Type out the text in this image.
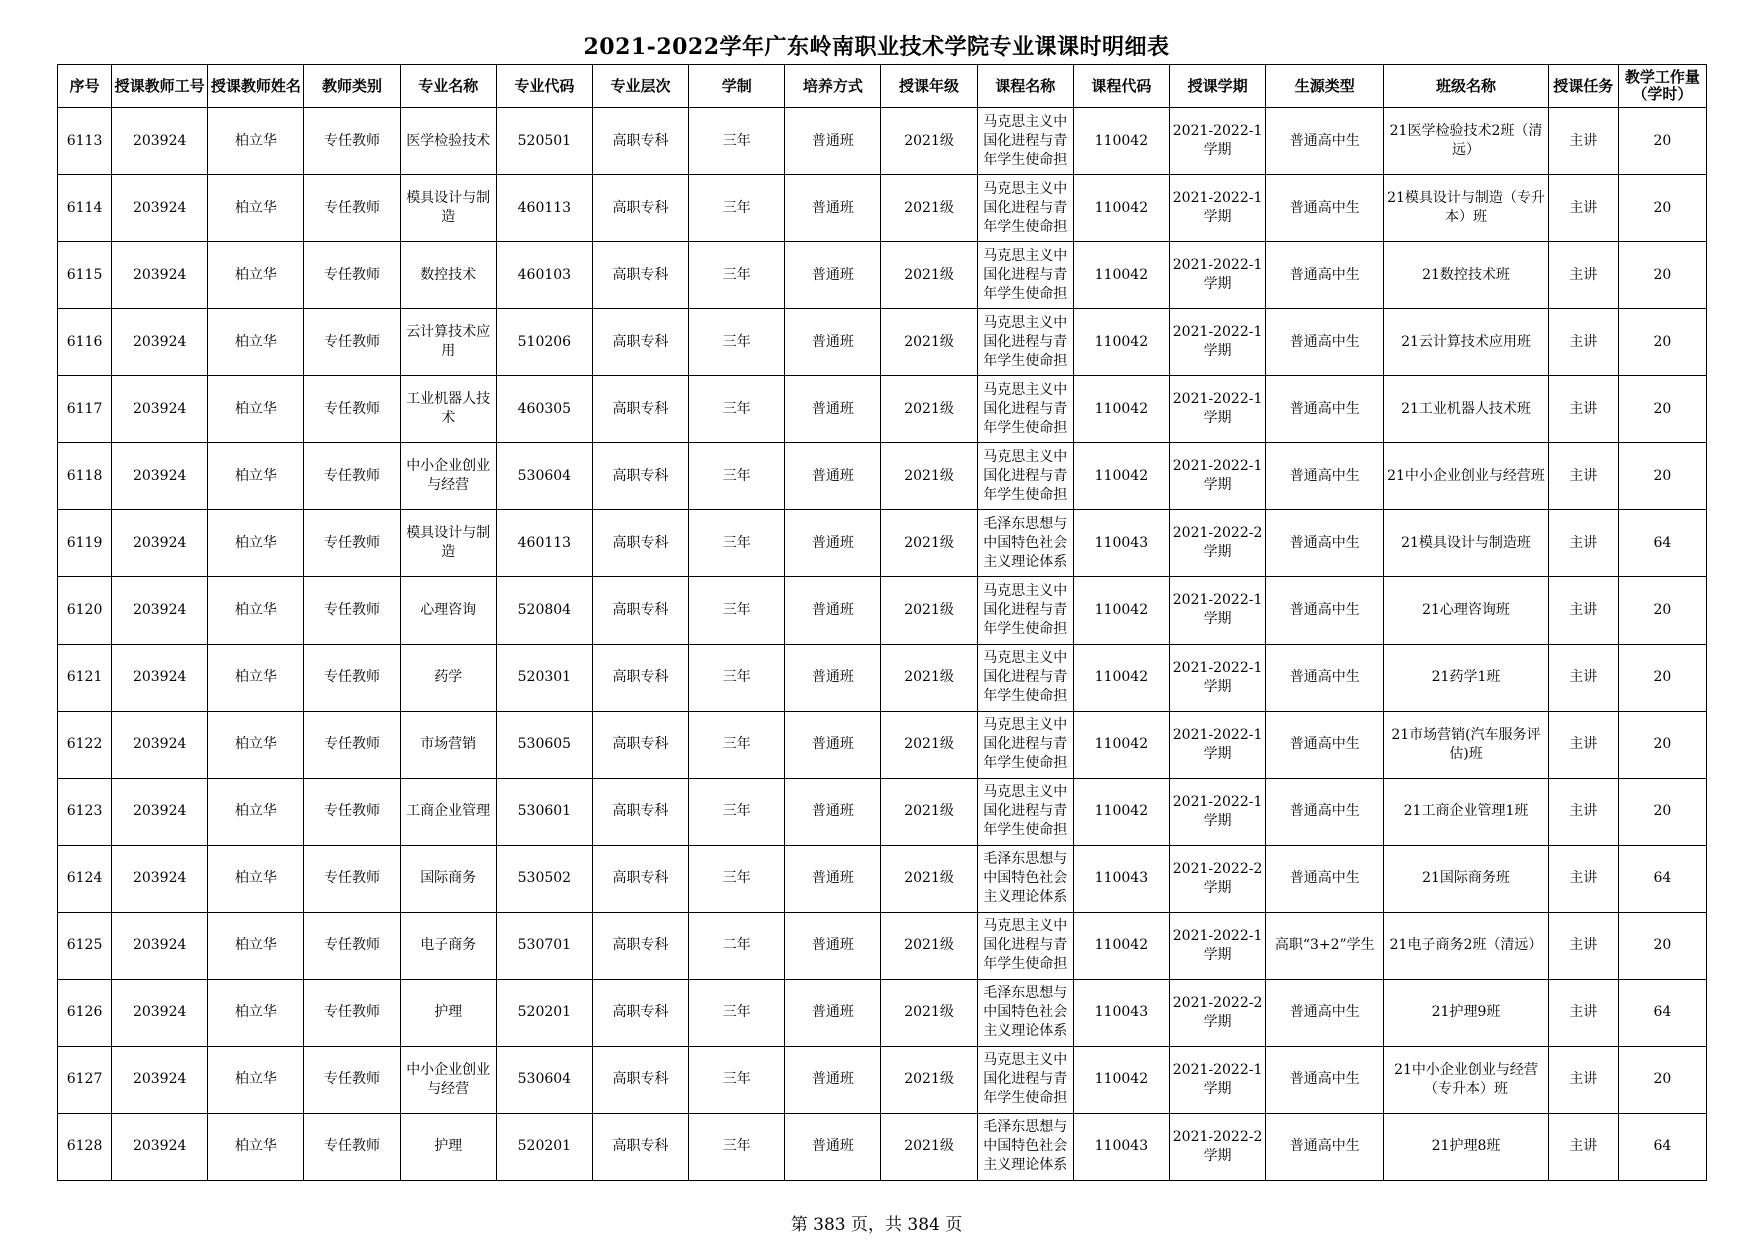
2021-2022学年广东岭南职业技术学院专业课课时明细表
序号	授课教师工号	授课教师姓名	教师类别	专业名称	专业代码	专业层次	学制	培养方式	授课年级	课程名称	课程代码	授课学期	生源类型	班级名称	授课任务	教学工作量（学时）
6113	203924	柏立华	专任教师	医学检验技术	520501	高职专科	三年	普通班	2021级	马克思主义中国化进程与青年学生使命担	110042	2021-2022-1学期	普通高中生	21医学检验技术2班（清远）	主讲	20
6114	203924	柏立华	专任教师	模具设计与制造	460113	高职专科	三年	普通班	2021级	马克思主义中国化进程与青年学生使命担	110042	2021-2022-1学期	普通高中生	21模具设计与制造（专升本）班	主讲	20
6115	203924	柏立华	专任教师	数控技术	460103	高职专科	三年	普通班	2021级	马克思主义中国化进程与青年学生使命担	110042	2021-2022-1学期	普通高中生	21数控技术班	主讲	20
6116	203924	柏立华	专任教师	云计算技术应用	510206	高职专科	三年	普通班	2021级	马克思主义中国化进程与青年学生使命担	110042	2021-2022-1学期	普通高中生	21云计算技术应用班	主讲	20
6117	203924	柏立华	专任教师	工业机器人技术	460305	高职专科	三年	普通班	2021级	马克思主义中国化进程与青年学生使命担	110042	2021-2022-1学期	普通高中生	21工业机器人技术班	主讲	20
6118	203924	柏立华	专任教师	中小企业创业与经营	530604	高职专科	三年	普通班	2021级	马克思主义中国化进程与青年学生使命担	110042	2021-2022-1学期	普通高中生	21中小企业创业与经营班	主讲	20
6119	203924	柏立华	专任教师	模具设计与制造	460113	高职专科	三年	普通班	2021级	毛泽东思想与中国特色社会主义理论体系	110043	2021-2022-2学期	普通高中生	21模具设计与制造班	主讲	64
6120	203924	柏立华	专任教师	心理咨询	520804	高职专科	三年	普通班	2021级	马克思主义中国化进程与青年学生使命担	110042	2021-2022-1学期	普通高中生	21心理咨询班	主讲	20
6121	203924	柏立华	专任教师	药学	520301	高职专科	三年	普通班	2021级	马克思主义中国化进程与青年学生使命担	110042	2021-2022-1学期	普通高中生	21药学1班	主讲	20
6122	203924	柏立华	专任教师	市场营销	530605	高职专科	三年	普通班	2021级	马克思主义中国化进程与青年学生使命担	110042	2021-2022-1学期	普通高中生	21市场营销(汽车服务评估)班	主讲	20
6123	203924	柏立华	专任教师	工商企业管理	530601	高职专科	三年	普通班	2021级	马克思主义中国化进程与青年学生使命担	110042	2021-2022-1学期	普通高中生	21工商企业管理1班	主讲	20
6124	203924	柏立华	专任教师	国际商务	530502	高职专科	三年	普通班	2021级	毛泽东思想与中国特色社会主义理论体系	110043	2021-2022-2学期	普通高中生	21国际商务班	主讲	64
6125	203924	柏立华	专任教师	电子商务	530701	高职专科	二年	普通班	2021级	马克思主义中国化进程与青年学生使命担	110042	2021-2022-1学期	高职“3+2”学生	21电子商务2班（清远）	主讲	20
6126	203924	柏立华	专任教师	护理	520201	高职专科	三年	普通班	2021级	毛泽东思想与中国特色社会主义理论体系	110043	2021-2022-2学期	普通高中生	21护理9班	主讲	64
6127	203924	柏立华	专任教师	中小企业创业与经营	530604	高职专科	三年	普通班	2021级	马克思主义中国化进程与青年学生使命担	110042	2021-2022-1学期	普通高中生	21中小企业创业与经营（专升本）班	主讲	20
6128	203924	柏立华	专任教师	护理	520201	高职专科	三年	普通班	2021级	毛泽东思想与中国特色社会主义理论体系	110043	2021-2022-2学期	普通高中生	21护理8班	主讲	64
第 383 页，共 384 页
